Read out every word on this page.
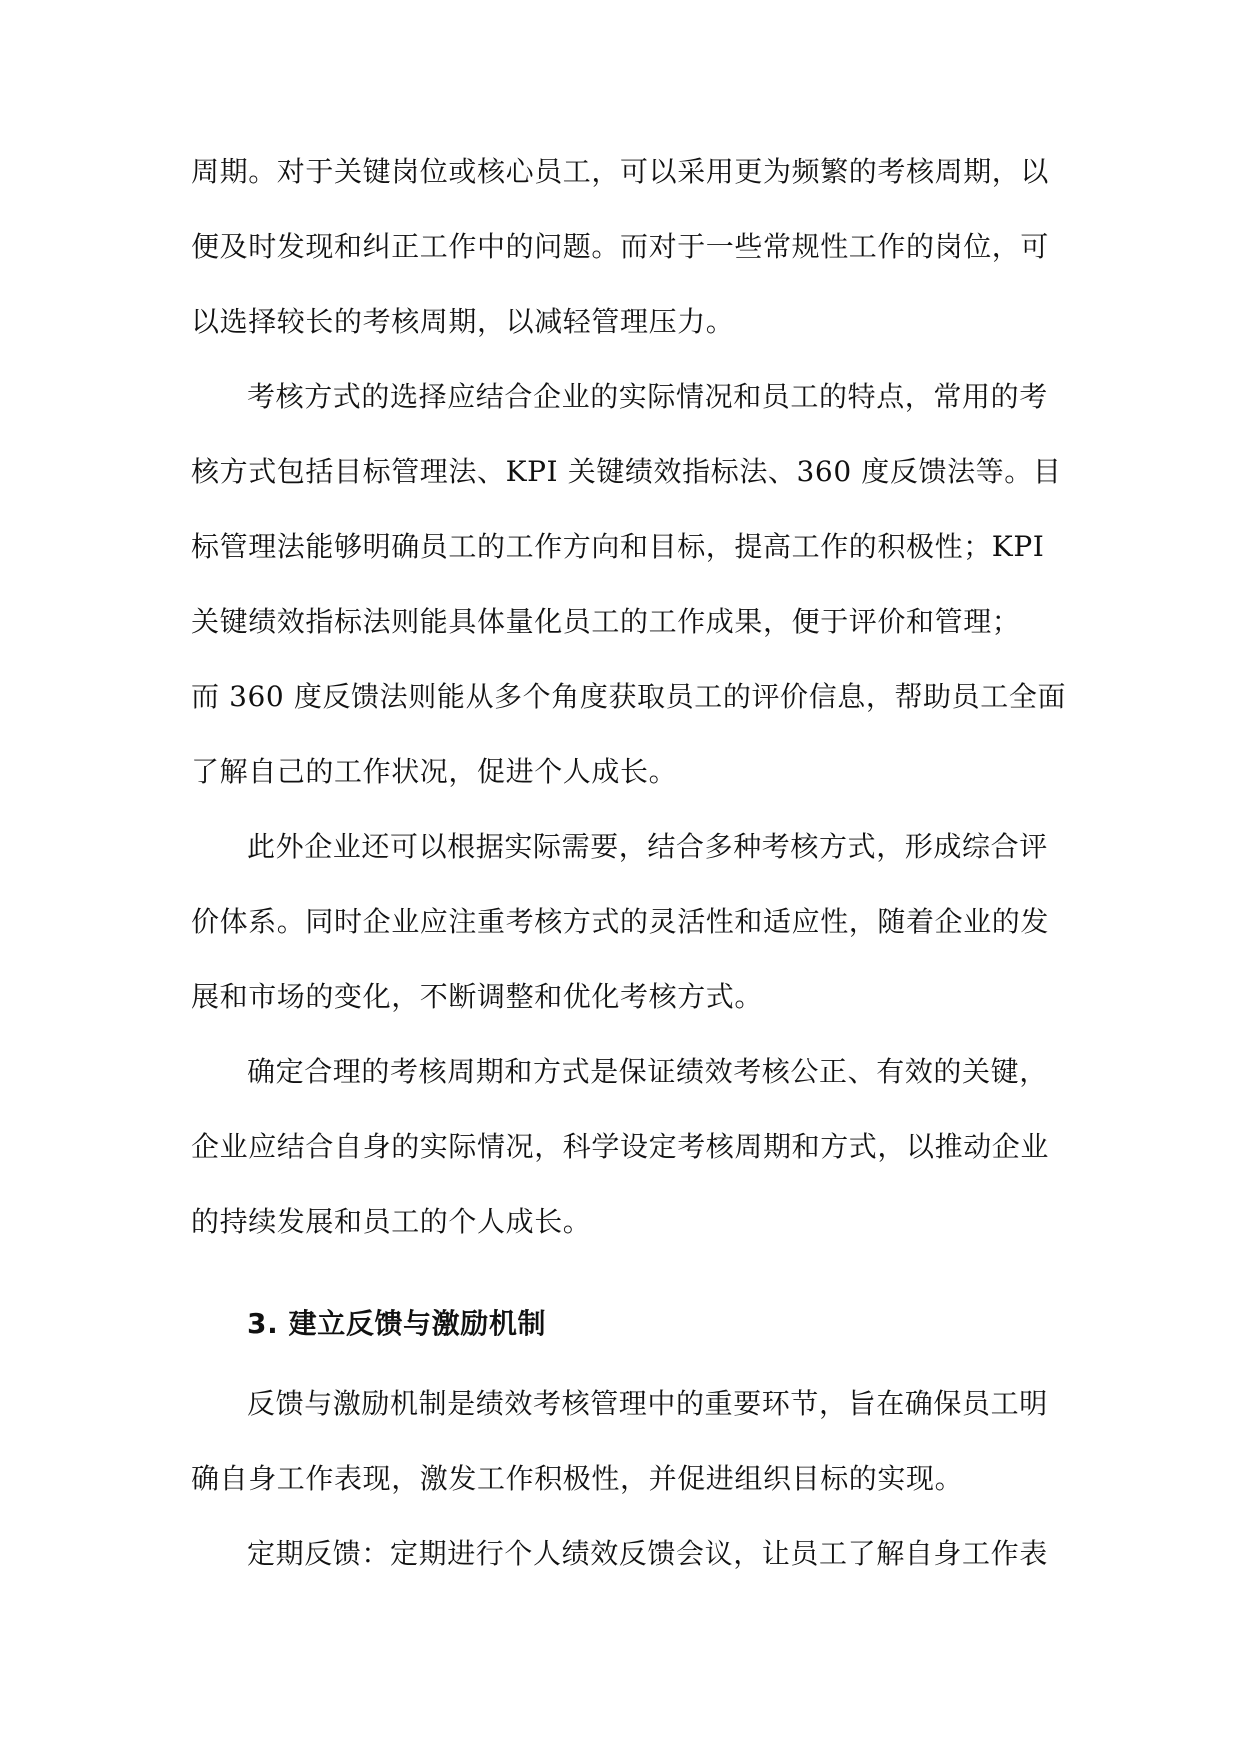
周期。对于关键岗位或核心员工，可以采用更为频繁的考核周期，以
便及时发现和纠正工作中的问题。而对于一些常规性工作的岗位，可
以选择较长的考核周期，以减轻管理压力。
考核方式的选择应结合企业的实际情况和员工的特点，常用的考
核方式包括目标管理法、KPI 关键绩效指标法、360 度反馈法等。目
标管理法能够明确员工的工作方向和目标，提高工作的积极性；KPI
关键绩效指标法则能具体量化员工的工作成果，便于评价和管理；
而 360 度反馈法则能从多个角度获取员工的评价信息，帮助员工全面
了解自己的工作状况，促进个人成长。
此外企业还可以根据实际需要，结合多种考核方式，形成综合评
价体系。同时企业应注重考核方式的灵活性和适应性，随着企业的发
展和市场的变化，不断调整和优化考核方式。
确定合理的考核周期和方式是保证绩效考核公正、有效的关键，
企业应结合自身的实际情况，科学设定考核周期和方式，以推动企业
的持续发展和员工的个人成长。
3. 建立反馈与激励机制
反馈与激励机制是绩效考核管理中的重要环节，旨在确保员工明
确自身工作表现，激发工作积极性，并促进组织目标的实现。
定期反馈：定期进行个人绩效反馈会议，让员工了解自身工作表
